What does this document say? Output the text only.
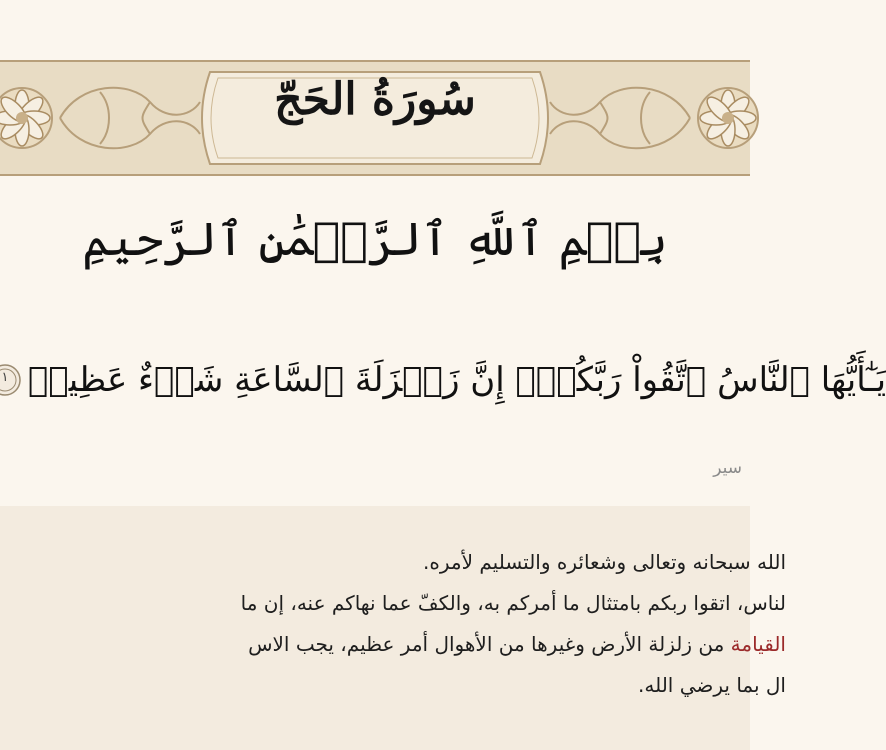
سُورَةُ الحَجّ
بِسۡمِ ٱللَّهِ ٱلرَّحۡمَٰنِ ٱلرَّحِيمِ
١ يَـٰٓأَيُّهَا ٱلنَّاسُ ٱتَّقُواْ رَبَّكُمۡۚ إِنَّ زَلۡزَلَةَ ٱلسَّاعَةِ شَيۡءٌ عَظِيمٞ
سير
الله سبحانه وتعالى وشعائره والتسليم لأمره.
لناس، اتقوا ربكم بامتثال ما أمركم به، والكفّ عما نهاكم عنه، إن ما
القيامة من زلزلة الأرض وغيرها من الأهوال أمر عظيم، يجب الاس
ال بما يرضي الله.
